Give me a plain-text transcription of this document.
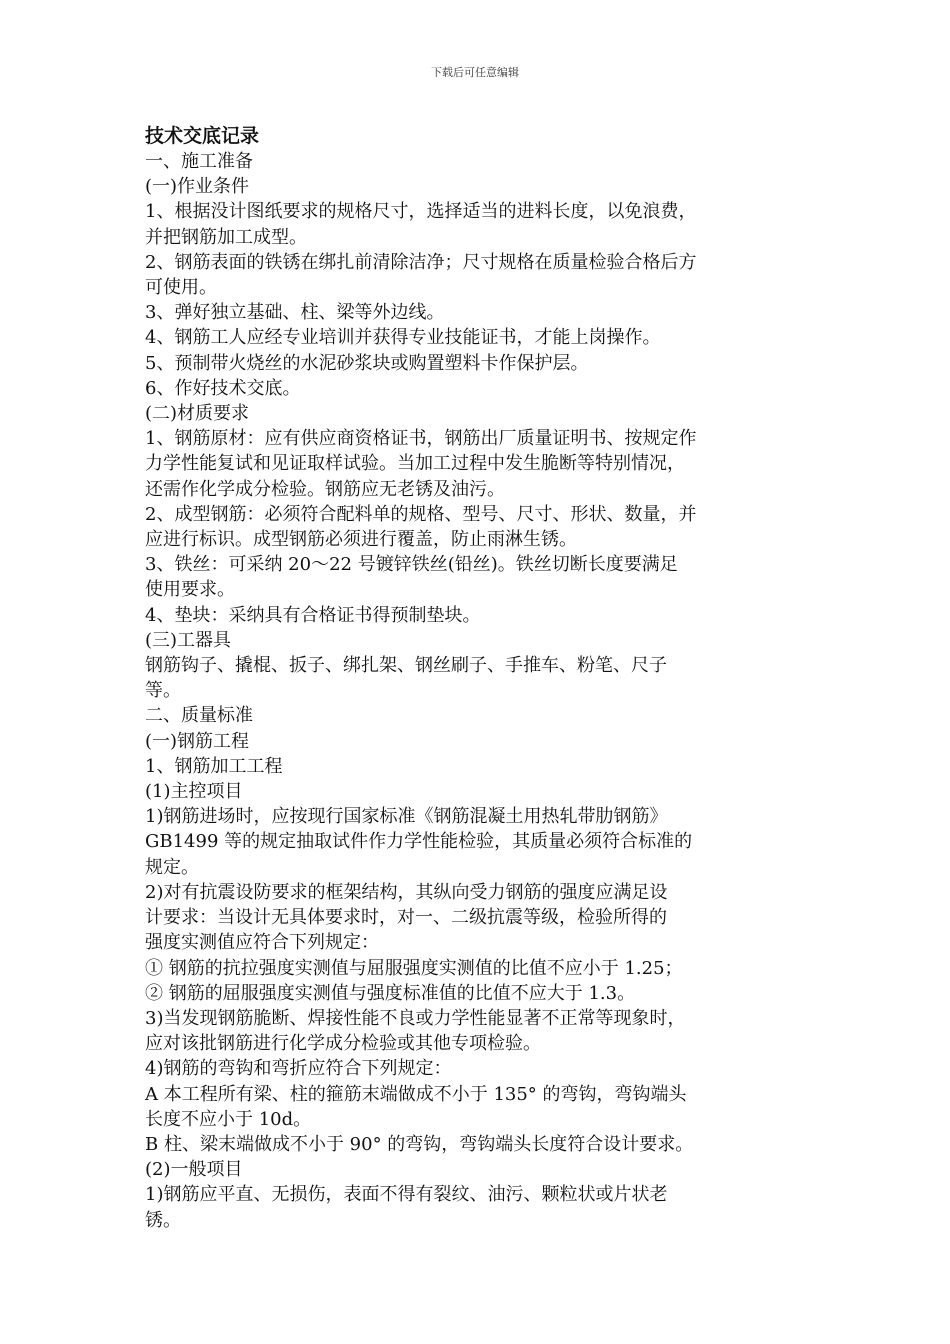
下载后可任意编辑
技术交底记录
一、施工准备
(一)作业条件
1、根据没计图纸要求的规格尺寸，选择适当的进料长度，以免浪费，
并把钢筋加工成型。
2、钢筋表面的铁锈在绑扎前清除洁净；尺寸规格在质量检验合格后方
可使用。
3、弹好独立基础、柱、梁等外边线。
4、钢筋工人应经专业培训并获得专业技能证书，才能上岗操作。
5、预制带火烧丝的水泥砂浆块或购置塑料卡作保护层。
6、作好技术交底。
(二)材质要求
1、钢筋原材：应有供应商资格证书，钢筋出厂质量证明书、按规定作
力学性能复试和见证取样试验。当加工过程中发生脆断等特别情况，
还需作化学成分检验。钢筋应无老锈及油污。
2、成型钢筋：必须符合配料单的规格、型号、尺寸、形状、数量，并
应进行标识。成型钢筋必须进行覆盖，防止雨淋生锈。
3、铁丝：可采纳 20～22 号镀锌铁丝(铅丝)。铁丝切断长度要满足
使用要求。
4、垫块：采纳具有合格证书得预制垫块。
(三)工器具
钢筋钩子、撬棍、扳子、绑扎架、钢丝刷子、手推车、粉笔、尺子
等。
二、质量标准
(一)钢筋工程
1、钢筋加工工程
(1)主控项目
1)钢筋进场时，应按现行国家标准《钢筋混凝土用热轧带肋钢筋》
GB1499 等的规定抽取试件作力学性能检验，其质量必须符合标准的
规定。
2)对有抗震设防要求的框架结构，其纵向受力钢筋的强度应满足设
计要求：当设计无具体要求时，对一、二级抗震等级，检验所得的
强度实测值应符合下列规定：
① 钢筋的抗拉强度实测值与屈服强度实测值的比值不应小于 1.25；
② 钢筋的屈服强度实测值与强度标准值的比值不应大于 1.3。
3)当发现钢筋脆断、焊接性能不良或力学性能显著不正常等现象时，
应对该批钢筋进行化学成分检验或其他专项检验。
4)钢筋的弯钩和弯折应符合下列规定：
A 本工程所有梁、柱的箍筋末端做成不小于 135° 的弯钩，弯钩端头
长度不应小于 10d。
B 柱、梁末端做成不小于 90° 的弯钩，弯钩端头长度符合设计要求。
(2)一般项目
1)钢筋应平直、无损伤，表面不得有裂纹、油污、颗粒状或片状老
锈。
